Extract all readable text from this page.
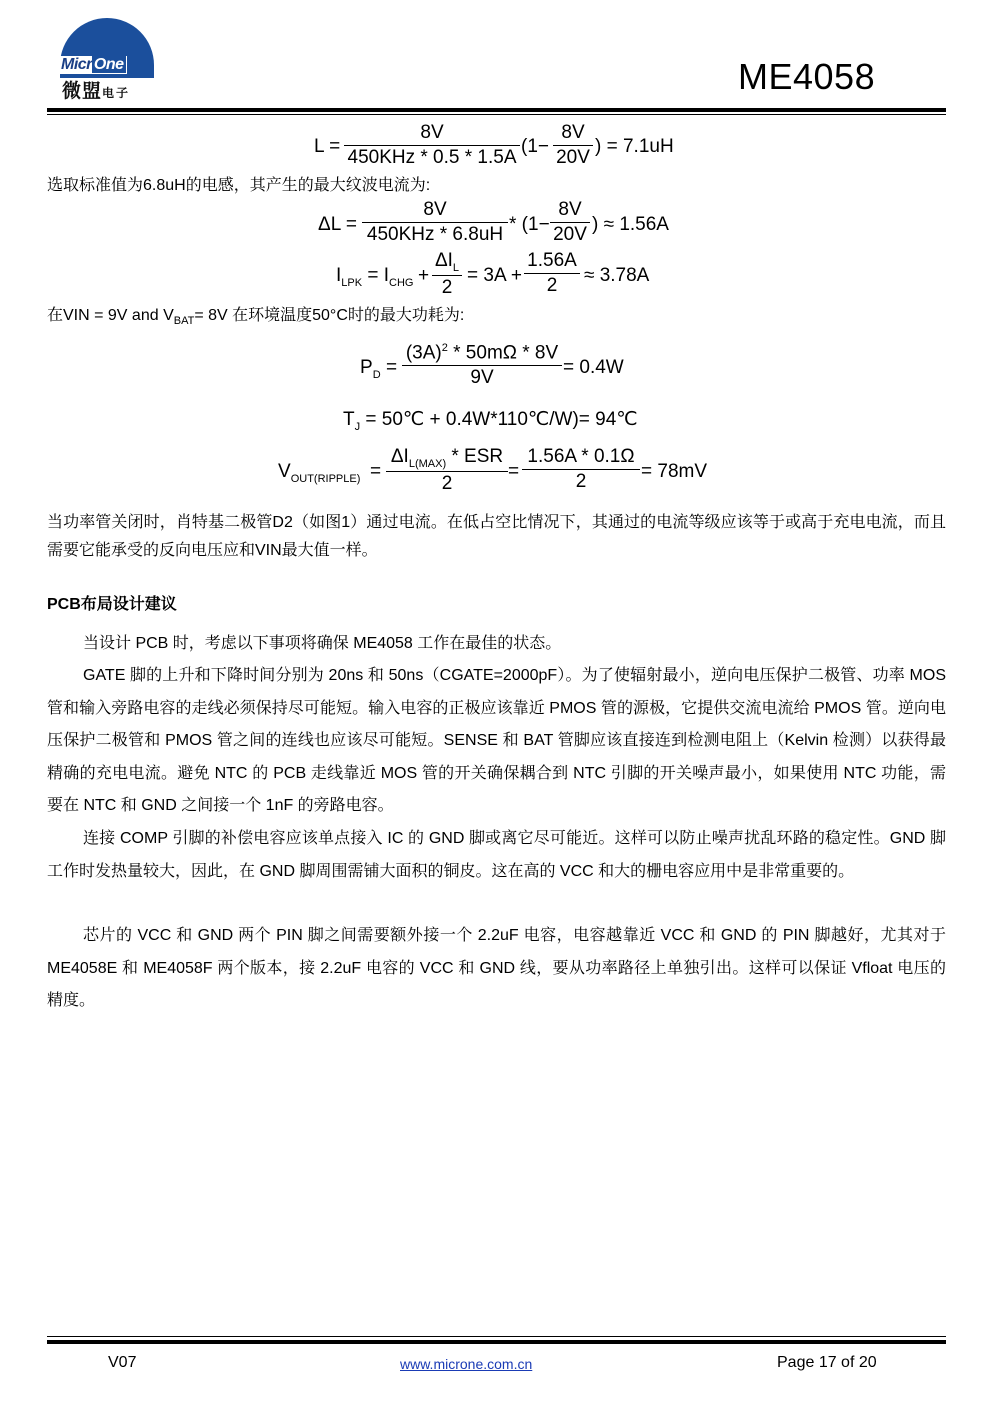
Micr One
微盟电子	ME4058
L =
8V
450KHz * 0.5 * 1.5A
(1−
8V
20V
) = 7.1uH
选取标准值为6.8uH的电感，其产生的最大纹波电流为:
ΔL =
8V
450KHz * 6.8uH * (1−
8V
20V ) ≈ 1.56A
$I_{LPK} = I_{CHG}$ +
$\Delta I_L$
2
= 3A +
1.56A
2	≈ 3.78A
在VIN = 9V and $V_{BAT}= 8V$ 在环境温度50°C时的最大功耗为:
$P_D$ =
$(3A)^2 * 50m\Omega * 8V$
9V	= 0.4W
$T_J$ = 50℃ + 0.4W*110℃/W)= 94℃
$V_{OUT(RIPPLE)}$ =
$\Delta I_{L(MAX)}$ * ESR
2
=
1.56A * 0.1Ω
2	= 78mV
当功率管关闭时，肖特基二极管D2（如图1）通过电流。在低占空比情况下，其通过的电流等级应该等于或高于充电电流，而且需要它能承受的反向电压应和VIN最大值一样。
PCB布局设计建议
当设计 PCB 时，考虑以下事项将确保 ME4058 工作在最佳的状态。
GATE 脚的上升和下降时间分别为 20ns 和 50ns（CGATE=2000pF）。为了使辐射最小，逆向电压保护二极管、功率 MOS 管和输入旁路电容的走线必须保持尽可能短。输入电容的正极应该靠近 PMOS 管的源极，它提供交流电流给 PMOS 管。逆向电压保护二极管和 PMOS 管之间的连线也应该尽可能短。SENSE 和 BAT 管脚应该直接连到检测电阻上（Kelvin 检测）以获得最精确的充电电流。避免 NTC 的 PCB 走线靠近 MOS 管的开关确保耦合到 NTC 引脚的开关噪声最小，如果使用 NTC 功能，需要在 NTC 和 GND 之间接一个 1nF 的旁路电容。
连接 COMP 引脚的补偿电容应该单点接入 IC 的 GND 脚或离它尽可能近。这样可以防止噪声扰乱环路的稳定性。GND 脚工作时发热量较大，因此，在 GND 脚周围需铺大面积的铜皮。这在高的 VCC 和大的栅电容应用中是非常重要的。
芯片的 VCC 和 GND 两个 PIN 脚之间需要额外接一个 2.2uF 电容，电容越靠近 VCC 和 GND 的 PIN 脚越好，尤其对于 ME4058E 和 ME4058F 两个版本，接 2.2uF 电容的 VCC 和 GND 线，要从功率路径上单独引出。这样可以保证 Vfloat 电压的精度。
V07	www.microne.com.cn	Page 17 of 20
